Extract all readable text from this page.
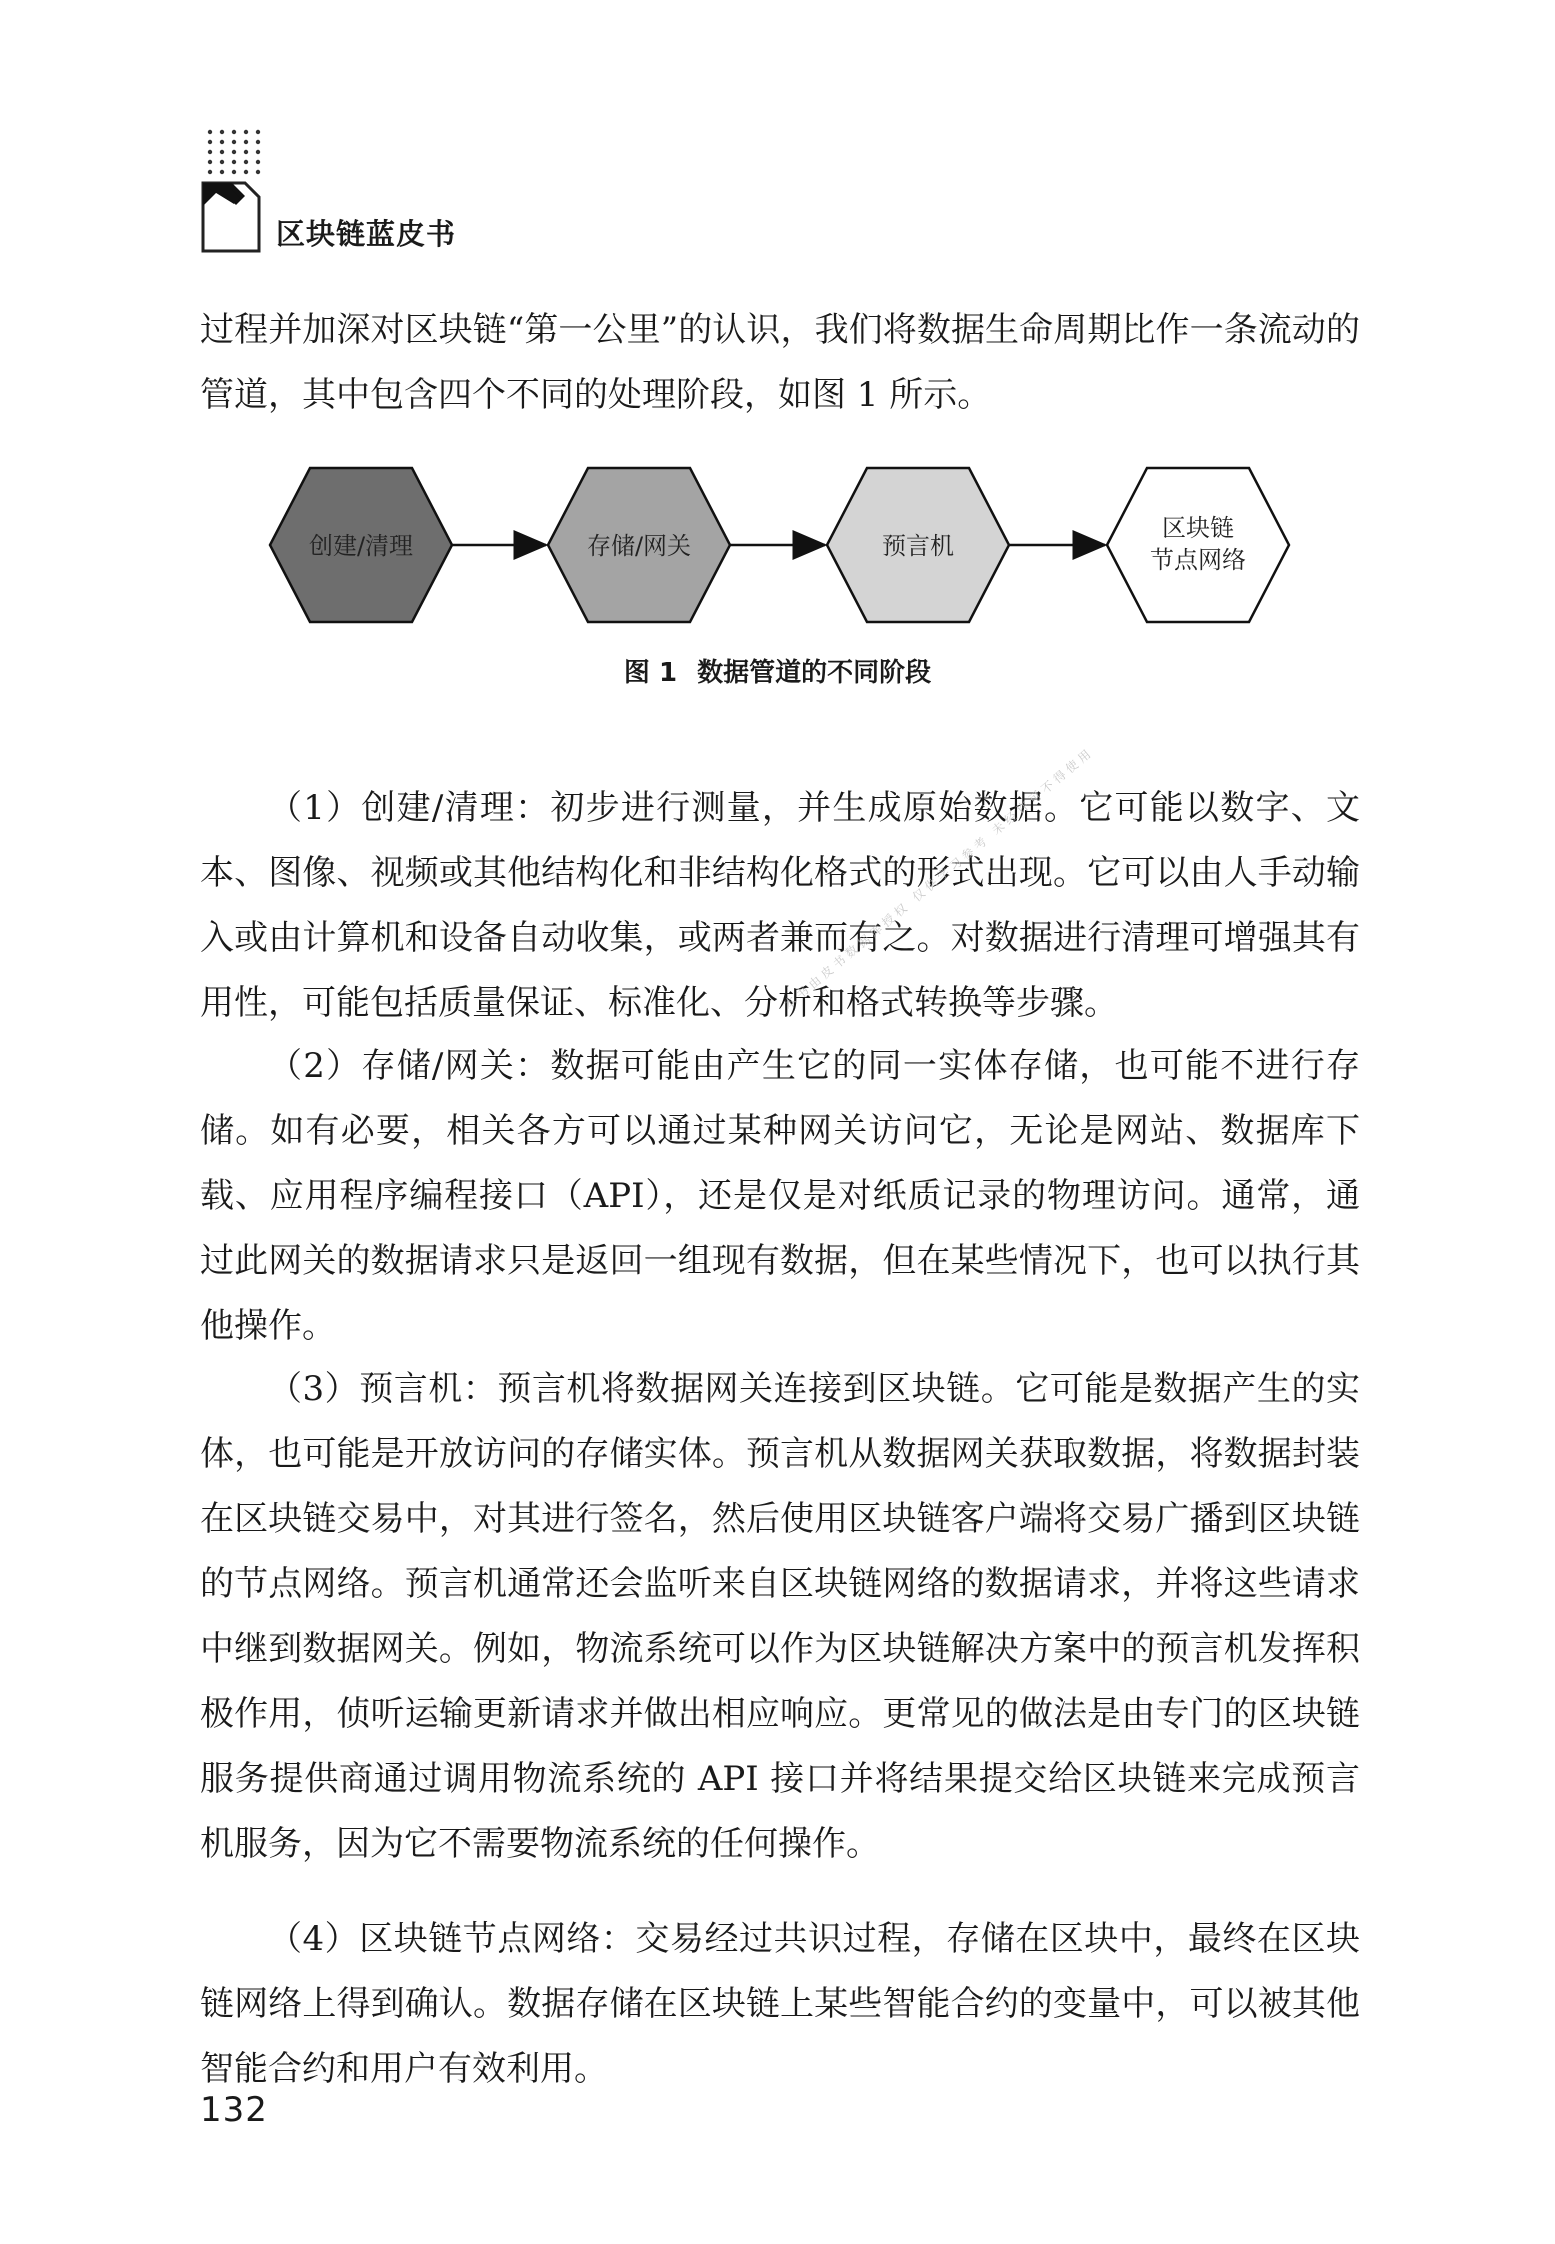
区块链蓝皮书

过程并加深对区块链“第一公里”的认识，我们将数据生命周期比作一条流动的管道，其中包含四个不同的处理阶段，如图 1 所示。

创建/清理	存储/网关	预言机
区块链
节点网络
图 1 数据管道的不同阶段

（1）创建/清理：初步进行测量，并生成原始数据。它可能以数字、文本、图像、视频或其他结构化和非结构化格式的形式出现。它可以由人手动输入或由计算机和设备自动收集，或两者兼而有之。对数据进行清理可增强其有用性，可能包括质量保证、标准化、分析和格式转换等步骤。

（2）存储/网关：数据可能由产生它的同一实体存储，也可能不进行存储。如有必要，相关各方可以通过某种网关访问它，无论是网站、数据库下载、应用程序编程接口（API），还是仅是对纸质记录的物理访问。通常，通过此网关的数据请求只是返回一组现有数据，但在某些情况下，也可以执行其他操作。

（3）预言机：预言机将数据网关连接到区块链。它可能是数据产生的实体，也可能是开放访问的存储实体。预言机从数据网关获取数据，将数据封装在区块链交易中，对其进行签名，然后使用区块链客户端将交易广播到区块链的节点网络。预言机通常还会监听来自区块链网络的数据请求，并将这些请求中继到数据网关。例如，物流系统可以作为区块链解决方案中的预言机发挥积极作用，侦听运输更新请求并做出相应响应。更常见的做法是由专门的区块链服务提供商通过调用物流系统的 API 接口并将结果提交给区块链来完成预言机服务，因为它不需要物流系统的任何操作。

（4）区块链节点网络：交易经过共识过程，存储在区块中，最终在区块链网络上得到确认。数据存储在区块链上某些智能合约的变量中，可以被其他智能合约和用户有效利用。

本书由皮书数据库授权 仅供学习参考 未经许可不得使用
132
